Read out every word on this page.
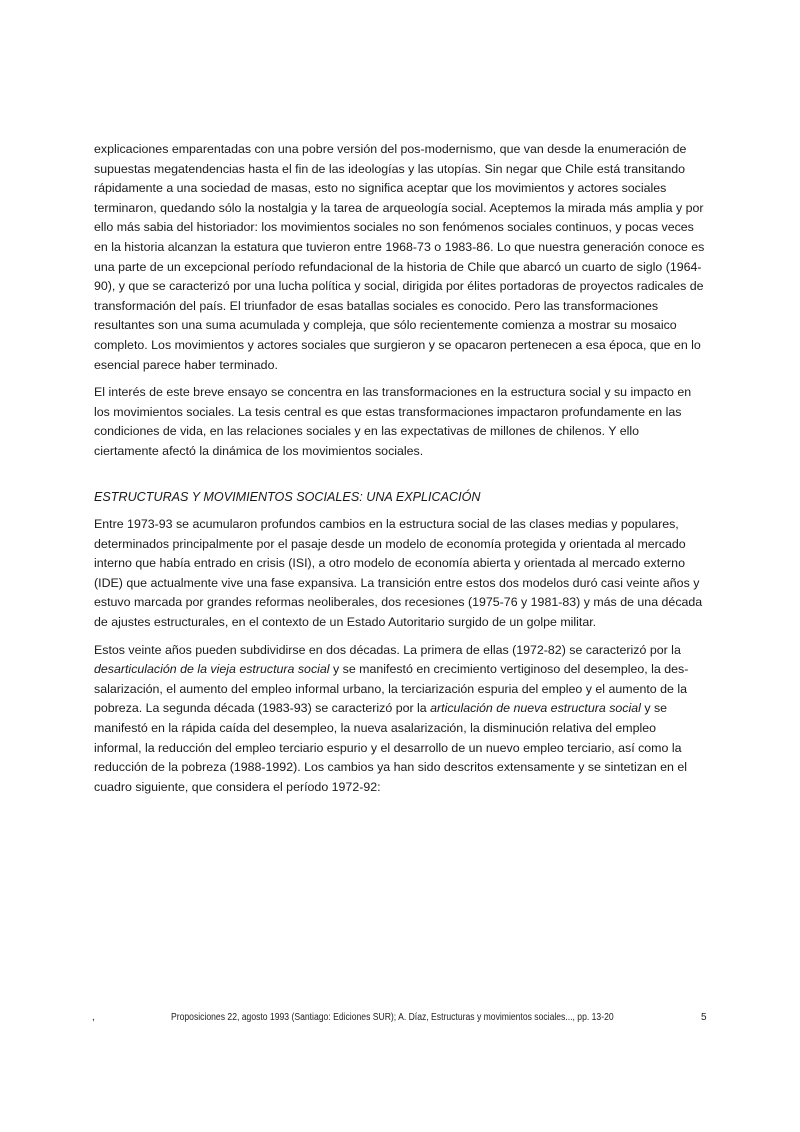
explicaciones emparentadas con una pobre versión del pos-modernismo, que van desde la enumeración de supuestas megatendencias hasta el fin de las ideologías y las utopías. Sin negar que Chile está transitando rápidamente a una sociedad de masas, esto no significa aceptar que los movimientos y actores sociales terminaron, quedando sólo la nostalgia y la tarea de arqueología social. Aceptemos la mirada más amplia y por ello más sabia del historiador: los movimientos sociales no son fenómenos sociales continuos, y pocas veces en la historia alcanzan la estatura que tuvieron entre 1968-73 o 1983-86. Lo que nuestra generación conoce es una parte de un excepcional período refundacional de la historia de Chile que abarcó un cuarto de siglo (1964-90), y que se caracterizó por una lucha política y social, dirigida por élites portadoras de proyectos radicales de transformación del país. El triunfador de esas batallas sociales es conocido. Pero las transformaciones resultantes son una suma acumulada y compleja, que sólo recientemente comienza a mostrar su mosaico completo. Los movimientos y actores sociales que surgieron y se opacaron pertenecen a esa época, que en lo esencial parece haber terminado.

El interés de este breve ensayo se concentra en las transformaciones en la estructura social y su impacto en los movimientos sociales. La tesis central es que estas transformaciones impactaron profundamente en las condiciones de vida, en las relaciones sociales y en las expectativas de millones de chilenos. Y ello ciertamente afectó la dinámica de los movimientos sociales.

ESTRUCTURAS Y MOVIMIENTOS SOCIALES: UNA EXPLICACIÓN

Entre 1973-93 se acumularon profundos cambios en la estructura social de las clases medias y populares, determinados principalmente por el pasaje desde un modelo de economía protegida y orientada al mercado interno que había entrado en crisis (ISI), a otro modelo de economía abierta y orientada al mercado externo (IDE) que actualmente vive una fase expansiva. La transición entre estos dos modelos duró casi veinte años y estuvo marcada por grandes reformas neoliberales, dos recesiones (1975-76 y 1981-83) y más de una década de ajustes estructurales, en el contexto de un Estado Autoritario surgido de un golpe militar.

Estos veinte años pueden subdividirse en dos décadas. La primera de ellas (1972-82) se caracterizó por la desarticulación de la vieja estructura social y se manifestó en crecimiento vertiginoso del desempleo, la des-salarización, el aumento del empleo informal urbano, la terciarización espuria del empleo y el aumento de la pobreza. La segunda década (1983-93) se caracterizó por la articulación de nueva estructura social y se manifestó en la rápida caída del desempleo, la nueva asalarización, la disminución relativa del empleo informal, la reducción del empleo terciario espurio y el desarrollo de un nuevo empleo terciario, así como la reducción de la pobreza (1988-1992). Los cambios ya han sido descritos extensamente y se sintetizan en el cuadro siguiente, que considera el período 1972-92:

,	Proposiciones 22, agosto 1993 (Santiago: Ediciones SUR); A. Díaz, Estructuras y movimientos sociales..., pp. 13-20	5
